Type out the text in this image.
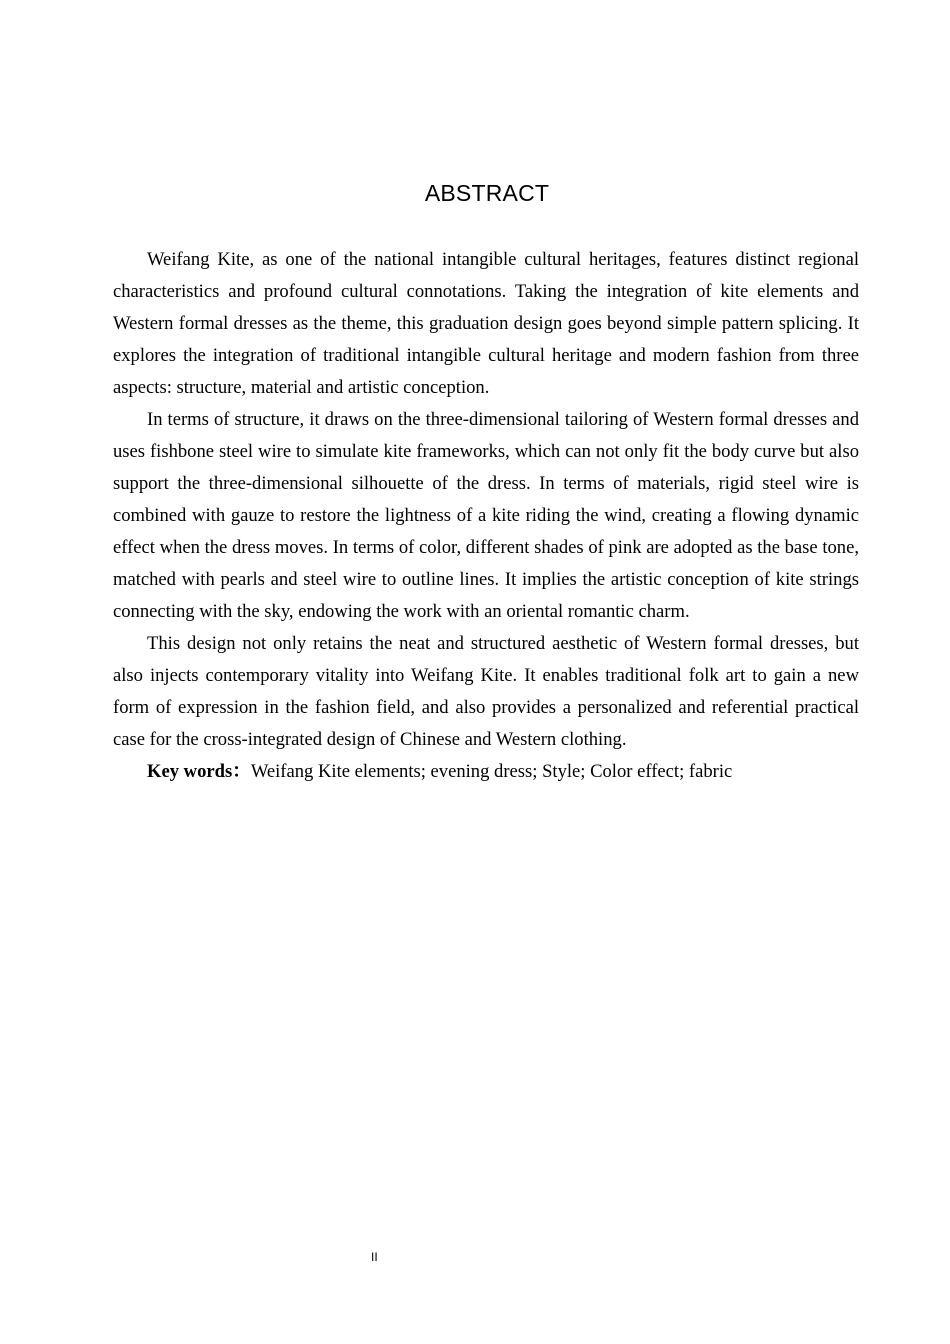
ABSTRACT

Weifang Kite, as one of the national intangible cultural heritages, features distinct regional characteristics and profound cultural connotations. Taking the integration of kite elements and Western formal dresses as the theme, this graduation design goes beyond simple pattern splicing. It explores the integration of traditional intangible cultural heritage and modern fashion from three aspects: structure, material and artistic conception.

In terms of structure, it draws on the three-dimensional tailoring of Western formal dresses and uses fishbone steel wire to simulate kite frameworks, which can not only fit the body curve but also support the three-dimensional silhouette of the dress. In terms of materials, rigid steel wire is combined with gauze to restore the lightness of a kite riding the wind, creating a flowing dynamic effect when the dress moves. In terms of color, different shades of pink are adopted as the base tone, matched with pearls and steel wire to outline lines. It implies the artistic conception of kite strings connecting with the sky, endowing the work with an oriental romantic charm.

This design not only retains the neat and structured aesthetic of Western formal dresses, but also injects contemporary vitality into Weifang Kite. It enables traditional folk art to gain a new form of expression in the fashion field, and also provides a personalized and referential practical case for the cross-integrated design of Chinese and Western clothing.

Key words：Weifang Kite elements; evening dress; Style; Color effect; fabric

II
